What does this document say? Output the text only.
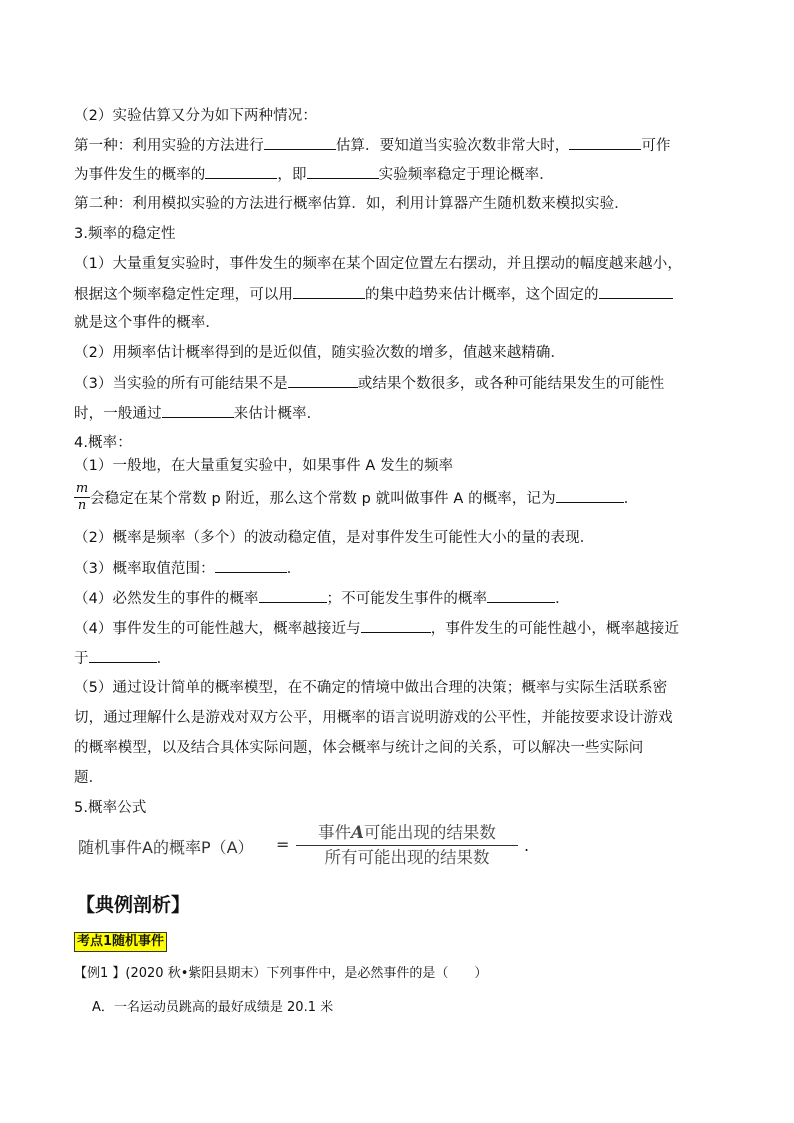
（2）实验估算又分为如下两种情况：
第一种：利用实验的方法进行	估算．要知道当实验次数非常大时，	可作
为事件发生的概率的	，即	实验频率稳定于理论概率．
第二种：利用模拟实验的方法进行概率估算．如，利用计算器产生随机数来模拟实验．
3.频率的稳定性
（1）大量重复实验时，事件发生的频率在某个固定位置左右摆动，并且摆动的幅度越来越小，
根据这个频率稳定性定理，可以用	的集中趋势来估计概率，这个固定的
就是这个事件的概率．
（2）用频率估计概率得到的是近似值，随实验次数的增多，值越来越精确．
（3）当实验的所有可能结果不是	或结果个数很多，或各种可能结果发生的可能性
时，一般通过	来估计概率．
4.概率：
（1）一般地，在大量重复实验中，如果事件 A 发生的频率
m
n 会稳定在某个常数 p 附近，那么这个常数 p 就叫做事件 A 的概率，记为	．
（2）概率是频率（多个）的波动稳定值，是对事件发生可能性大小的量的表现．
（3）概率取值范围：	．
（4）必然发生的事件的概率	；不可能发生事件的概率	．
（4）事件发生的可能性越大，概率越接近与	，事件发生的可能性越小，概率越接近
于	．
（5）通过设计简单的概率模型，在不确定的情境中做出合理的决策；概率与实际生活联系密
切，通过理解什么是游戏对双方公平，用概率的语言说明游戏的公平性，并能按要求设计游戏
的概率模型，以及结合具体实际问题，体会概率与统计之间的关系，可以解决一些实际问
题．
5.概率公式
随机事件A的概率P（A） =
事件A可能出现的结果数
所有可能出现的结果数
.
【典例剖析】
考点1随机事件
【例1 】(2020 秋•紫阳县期末）下列事件中，是必然事件的是（　　）
A．一名运动员跳高的最好成绩是 20.1 米
